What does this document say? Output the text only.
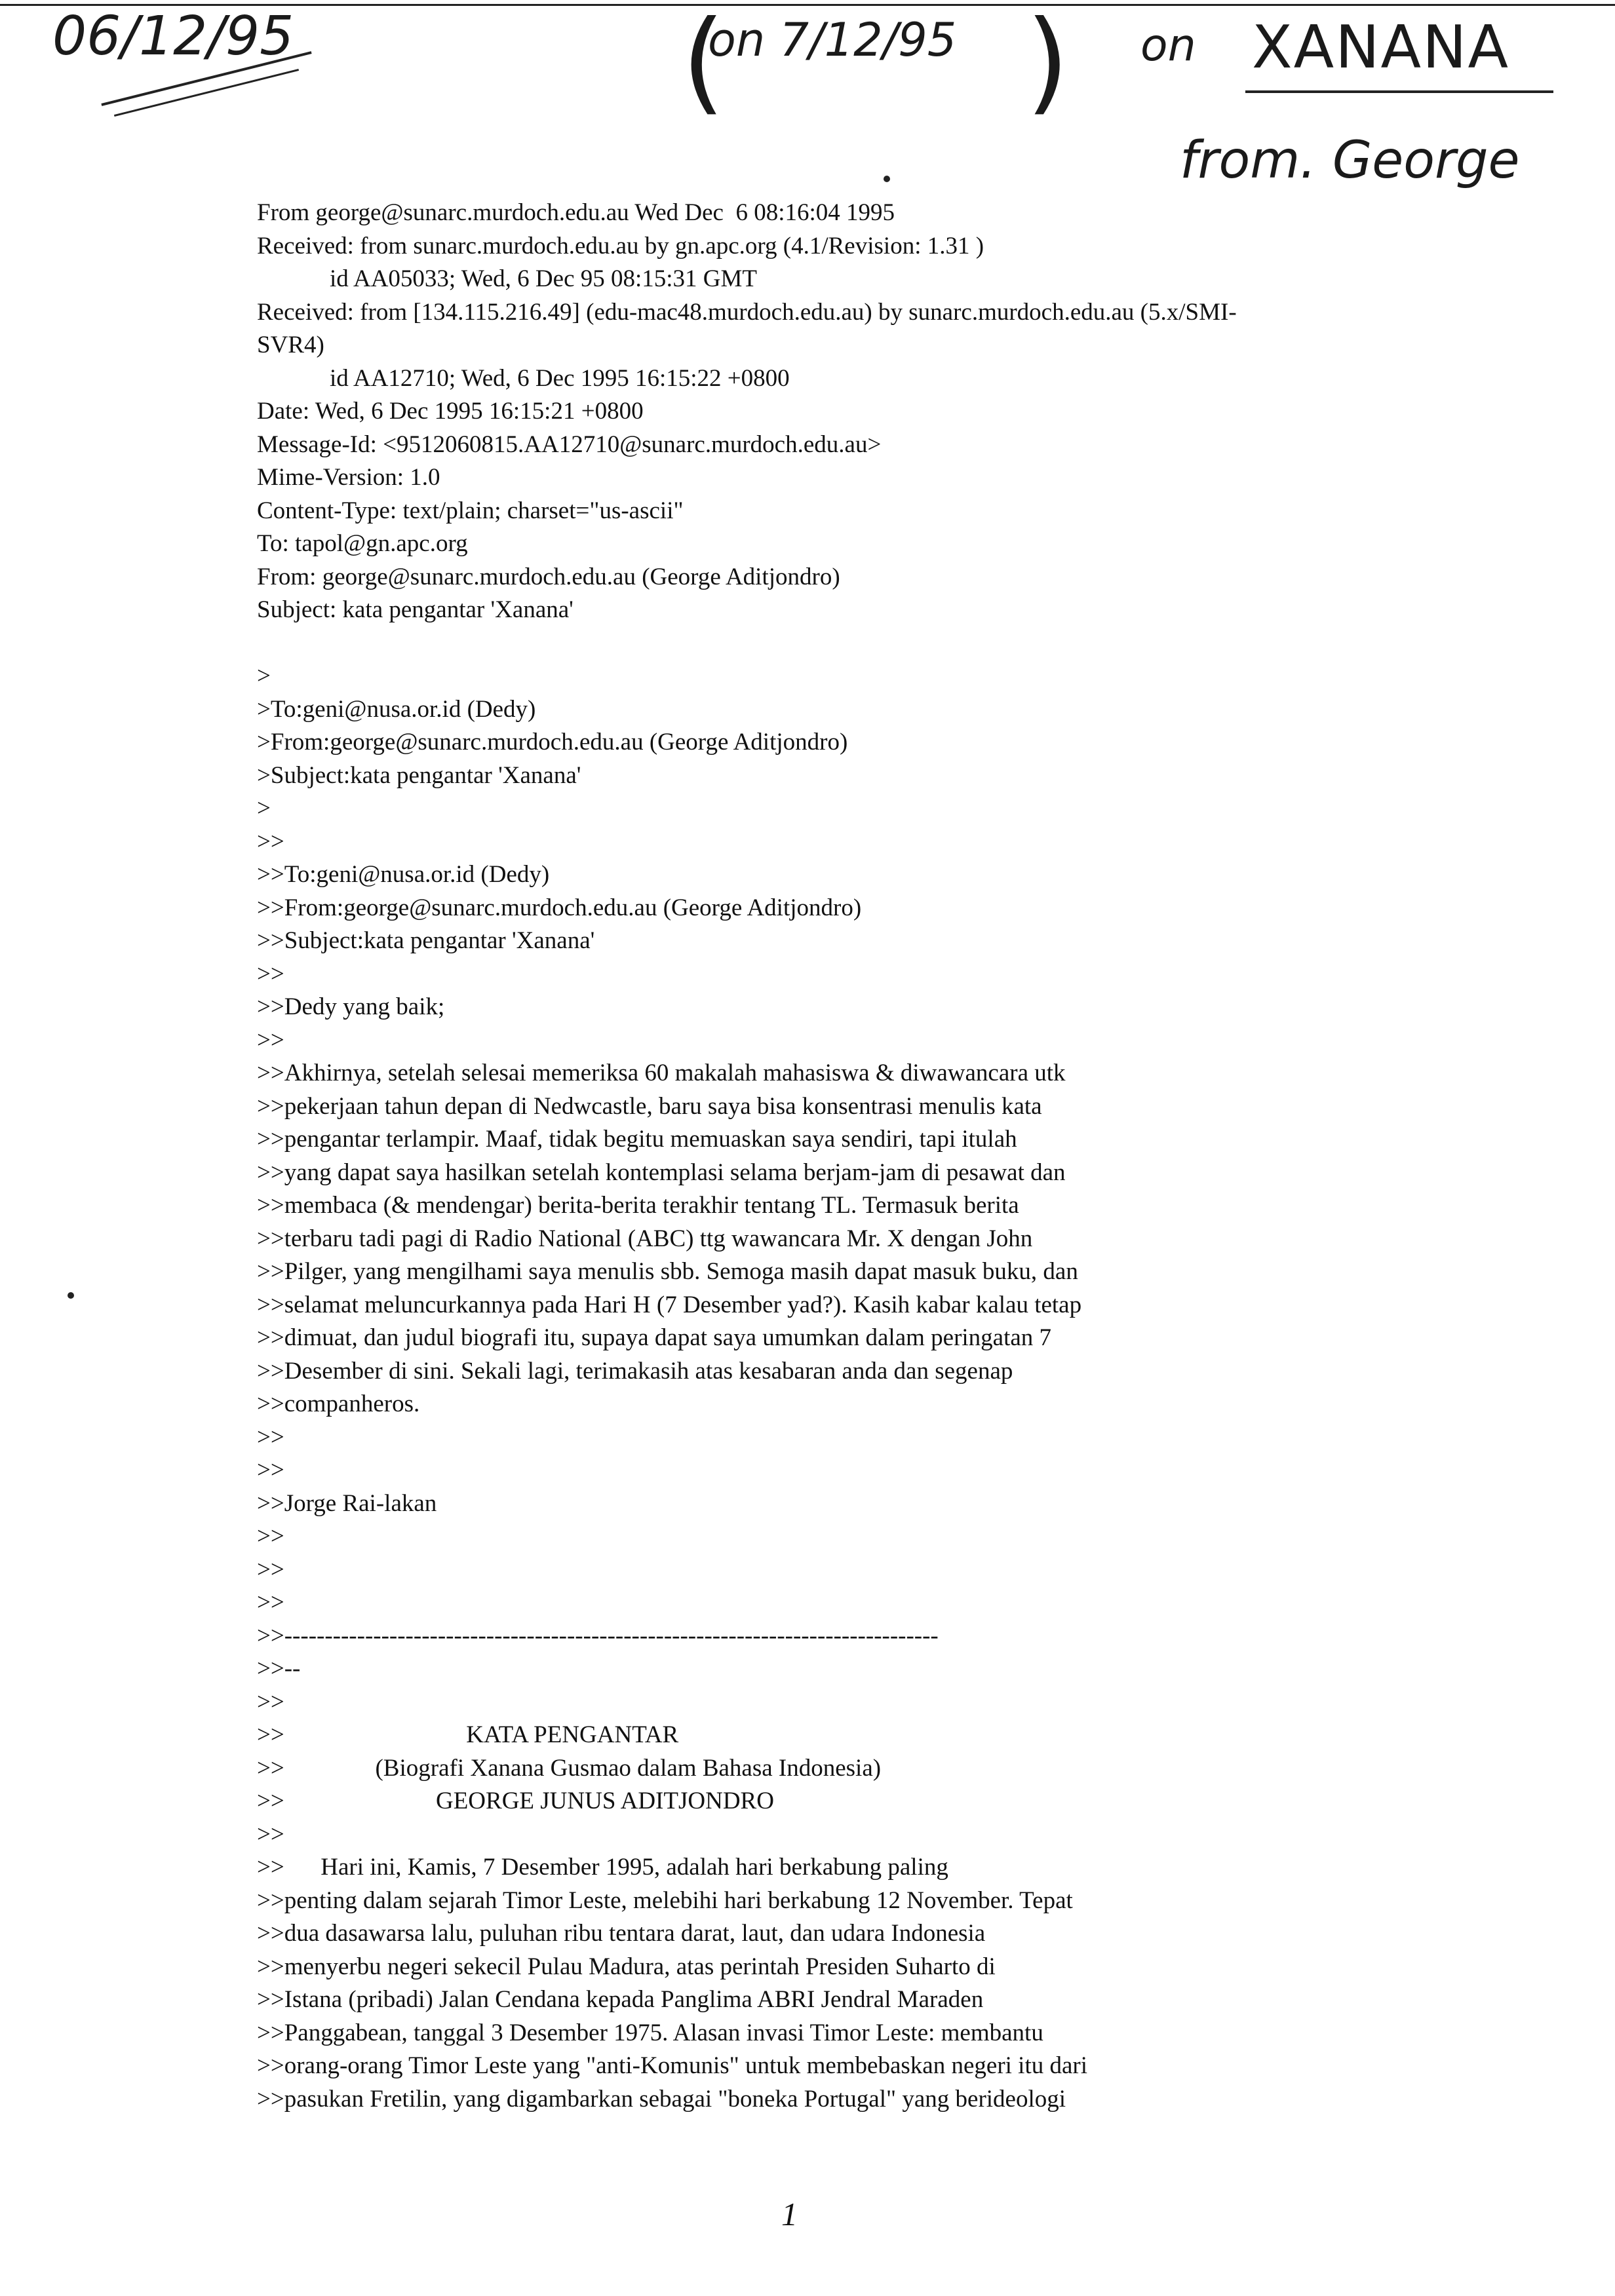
06/12/95	(
on 7/12/95 ) on XANANA
from. George
From george@sunarc.murdoch.edu.au Wed Dec  6 08:16:04 1995
Received: from sunarc.murdoch.edu.au by gn.apc.org (4.1/Revision: 1.31 )
id AA05033; Wed, 6 Dec 95 08:15:31 GMT
Received: from [134.115.216.49] (edu-mac48.murdoch.edu.au) by sunarc.murdoch.edu.au (5.x/SMI-
SVR4)
id AA12710; Wed, 6 Dec 1995 16:15:22 +0800
Date: Wed, 6 Dec 1995 16:15:21 +0800
Message-Id: <9512060815.AA12710@sunarc.murdoch.edu.au>
Mime-Version: 1.0
Content-Type: text/plain; charset="us-ascii"
To: tapol@gn.apc.org
From: george@sunarc.murdoch.edu.au (George Aditjondro)
Subject: kata pengantar 'Xanana'
>
>To:geni@nusa.or.id (Dedy)
>From:george@sunarc.murdoch.edu.au (George Aditjondro)
>Subject:kata pengantar 'Xanana'
>
>>
>>To:geni@nusa.or.id (Dedy)
>>From:george@sunarc.murdoch.edu.au (George Aditjondro)
>>Subject:kata pengantar 'Xanana'
>>
>>Dedy yang baik;
>>
>>Akhirnya, setelah selesai memeriksa 60 makalah mahasiswa & diwawancara utk
>>pekerjaan tahun depan di Nedwcastle, baru saya bisa konsentrasi menulis kata
>>pengantar terlampir. Maaf, tidak begitu memuaskan saya sendiri, tapi itulah
>>yang dapat saya hasilkan setelah kontemplasi selama berjam-jam di pesawat dan
>>membaca (& mendengar) berita-berita terakhir tentang TL. Termasuk berita
>>terbaru tadi pagi di Radio National (ABC) ttg wawancara Mr. X dengan John
>>Pilger, yang mengilhami saya menulis sbb. Semoga masih dapat masuk buku, dan
>>selamat meluncurkannya pada Hari H (7 Desember yad?). Kasih kabar kalau tetap
>>dimuat, dan judul biografi itu, supaya dapat saya umumkan dalam peringatan 7
>>Desember di sini. Sekali lagi, terimakasih atas kesabaran anda dan segenap
>>companheros.
>>
>>
>>Jorge Rai-lakan
>>
>>
>>
>>---------------------------------------------------------------------------------
>>--
>>
>>                              KATA PENGANTAR
>>               (Biografi Xanana Gusmao dalam Bahasa Indonesia)
>>                         GEORGE JUNUS ADITJONDRO
>>
>>      Hari ini, Kamis, 7 Desember 1995, adalah hari berkabung paling
>>penting dalam sejarah Timor Leste, melebihi hari berkabung 12 November. Tepat
>>dua dasawarsa lalu, puluhan ribu tentara darat, laut, dan udara Indonesia
>>menyerbu negeri sekecil Pulau Madura, atas perintah Presiden Suharto di
>>Istana (pribadi) Jalan Cendana kepada Panglima ABRI Jendral Maraden
>>Panggabean, tanggal 3 Desember 1975. Alasan invasi Timor Leste: membantu
>>orang-orang Timor Leste yang "anti-Komunis" untuk membebaskan negeri itu dari
>>pasukan Fretilin, yang digambarkan sebagai "boneka Portugal" yang berideologi
1
